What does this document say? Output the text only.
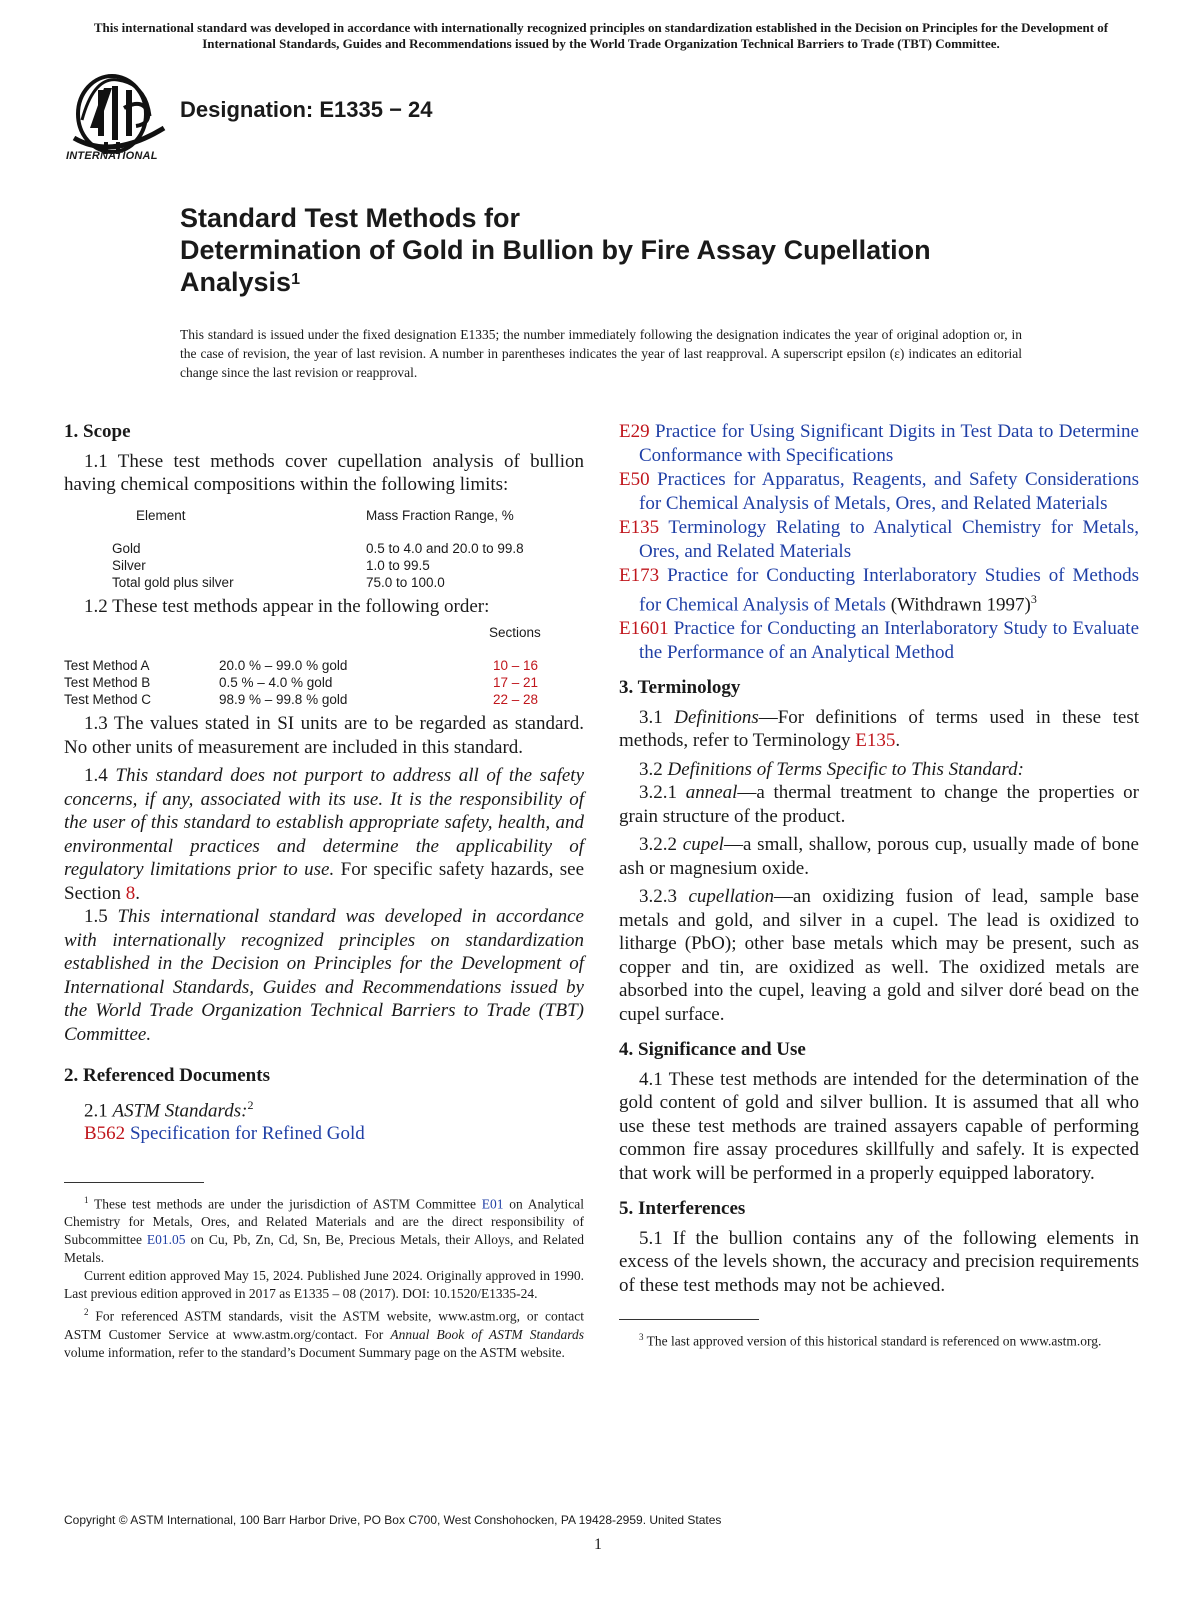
This international standard was developed in accordance with internationally recognized principles on standardization established in the Decision on Principles for the Development of International Standards, Guides and Recommendations issued by the World Trade Organization Technical Barriers to Trade (TBT) Committee.
INTERNATIONAL
Designation: E1335 − 24
Standard Test Methods for
Determination of Gold in Bullion by Fire Assay Cupellation
Analysis$^1$
This standard is issued under the fixed designation E1335; the number immediately following the designation indicates the year of original adoption or, in the case of revision, the year of last revision. A number in parentheses indicates the year of last reapproval. A superscript epsilon (ε) indicates an editorial change since the last revision or reapproval.
1. Scope

1.1 These test methods cover cupellation analysis of bullion having chemical compositions within the following limits:

Element	Mass Fraction Range, %
Gold	0.5 to 4.0 and 20.0 to 99.8
Silver	1.0 to 99.5
Total gold plus silver	75.0 to 100.0

1.2 These test methods appear in the following order:

		Sections
Test Method A	20.0 % – 99.0 % gold	10 – 16
Test Method B	0.5 % – 4.0 % gold	17 – 21
Test Method C	98.9 % – 99.8 % gold	22 – 28

1.3 The values stated in SI units are to be regarded as standard. No other units of measurement are included in this standard.

1.4 This standard does not purport to address all of the safety concerns, if any, associated with its use. It is the responsibility of the user of this standard to establish appropriate safety, health, and environmental practices and determine the applicability of regulatory limitations prior to use. For specific safety hazards, see Section 8.

1.5 This international standard was developed in accordance with internationally recognized principles on standardization established in the Decision on Principles for the Development of International Standards, Guides and Recommendations issued by the World Trade Organization Technical Barriers to Trade (TBT) Committee.

2. Referenced Documents

2.1 ASTM Standards:$^2$

B562 Specification for Refined Gold

$^1$ These test methods are under the jurisdiction of ASTM Committee E01 on Analytical Chemistry for Metals, Ores, and Related Materials and are the direct responsibility of Subcommittee E01.05 on Cu, Pb, Zn, Cd, Sn, Be, Precious Metals, their Alloys, and Related Metals.

Current edition approved May 15, 2024. Published June 2024. Originally approved in 1990. Last previous edition approved in 2017 as E1335 – 08 (2017). DOI: 10.1520/E1335-24.

$^2$ For referenced ASTM standards, visit the ASTM website, www.astm.org, or contact ASTM Customer Service at www.astm.org/contact. For Annual Book of ASTM Standards volume information, refer to the standard’s Document Summary page on the ASTM website.

E29 Practice for Using Significant Digits in Test Data to Determine Conformance with Specifications

E50 Practices for Apparatus, Reagents, and Safety Considerations for Chemical Analysis of Metals, Ores, and Related Materials

E135 Terminology Relating to Analytical Chemistry for Metals, Ores, and Related Materials

E173 Practice for Conducting Interlaboratory Studies of Methods for Chemical Analysis of Metals (Withdrawn 1997)$^3$

E1601 Practice for Conducting an Interlaboratory Study to Evaluate the Performance of an Analytical Method

3. Terminology

3.1 Definitions—For definitions of terms used in these test methods, refer to Terminology E135.

3.2 Definitions of Terms Specific to This Standard:

3.2.1 anneal—a thermal treatment to change the properties or grain structure of the product.

3.2.2 cupel—a small, shallow, porous cup, usually made of bone ash or magnesium oxide.

3.2.3 cupellation—an oxidizing fusion of lead, sample base metals and gold, and silver in a cupel. The lead is oxidized to litharge (PbO); other base metals which may be present, such as copper and tin, are oxidized as well. The oxidized metals are absorbed into the cupel, leaving a gold and silver doré bead on the cupel surface.

4. Significance and Use

4.1 These test methods are intended for the determination of the gold content of gold and silver bullion. It is assumed that all who use these test methods are trained assayers capable of performing common fire assay procedures skillfully and safely. It is expected that work will be performed in a properly equipped laboratory.

5. Interferences

5.1 If the bullion contains any of the following elements in excess of the levels shown, the accuracy and precision requirements of these test methods may not be achieved.

$^3$ The last approved version of this historical standard is referenced on www.astm.org.

Copyright © ASTM International, 100 Barr Harbor Drive, PO Box C700, West Conshohocken, PA 19428-2959. United States
1
